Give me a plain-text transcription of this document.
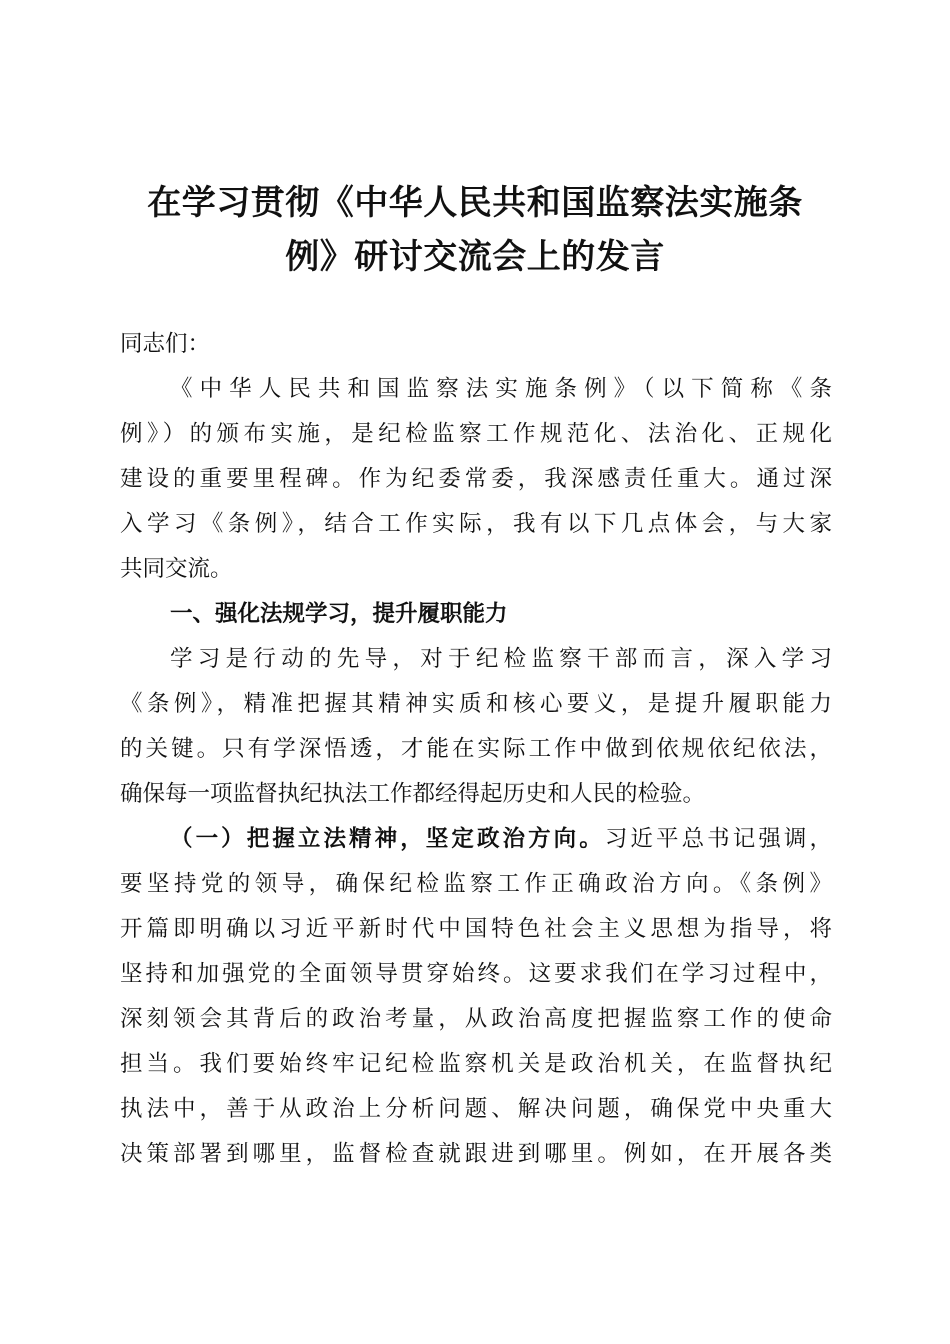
在学习贯彻《中华人民共和国监察法实施条
例》研讨交流会上的发言
同志们：
《中华人民共和国监察法实施条例》（以下简称《条
例》）的颁布实施，是纪检监察工作规范化、法治化、正规化
建设的重要里程碑。作为纪委常委，我深感责任重大。通过深
入学习《条例》，结合工作实际，我有以下几点体会，与大家
共同交流。
一、强化法规学习，提升履职能力
学习是行动的先导，对于纪检监察干部而言，深入学习
《条例》，精准把握其精神实质和核心要义，是提升履职能力
的关键。只有学深悟透，才能在实际工作中做到依规依纪依法，
确保每一项监督执纪执法工作都经得起历史和人民的检验。
（一）把握立法精神，坚定政治方向。习近平总书记强调，
要坚持党的领导，确保纪检监察工作正确政治方向。《条例》
开篇即明确以习近平新时代中国特色社会主义思想为指导，将
坚持和加强党的全面领导贯穿始终。这要求我们在学习过程中，
深刻领会其背后的政治考量，从政治高度把握监察工作的使命
担当。我们要始终牢记纪检监察机关是政治机关，在监督执纪
执法中，善于从政治上分析问题、解决问题，确保党中央重大
决策部署到哪里，监督检查就跟进到哪里。例如，在开展各类
